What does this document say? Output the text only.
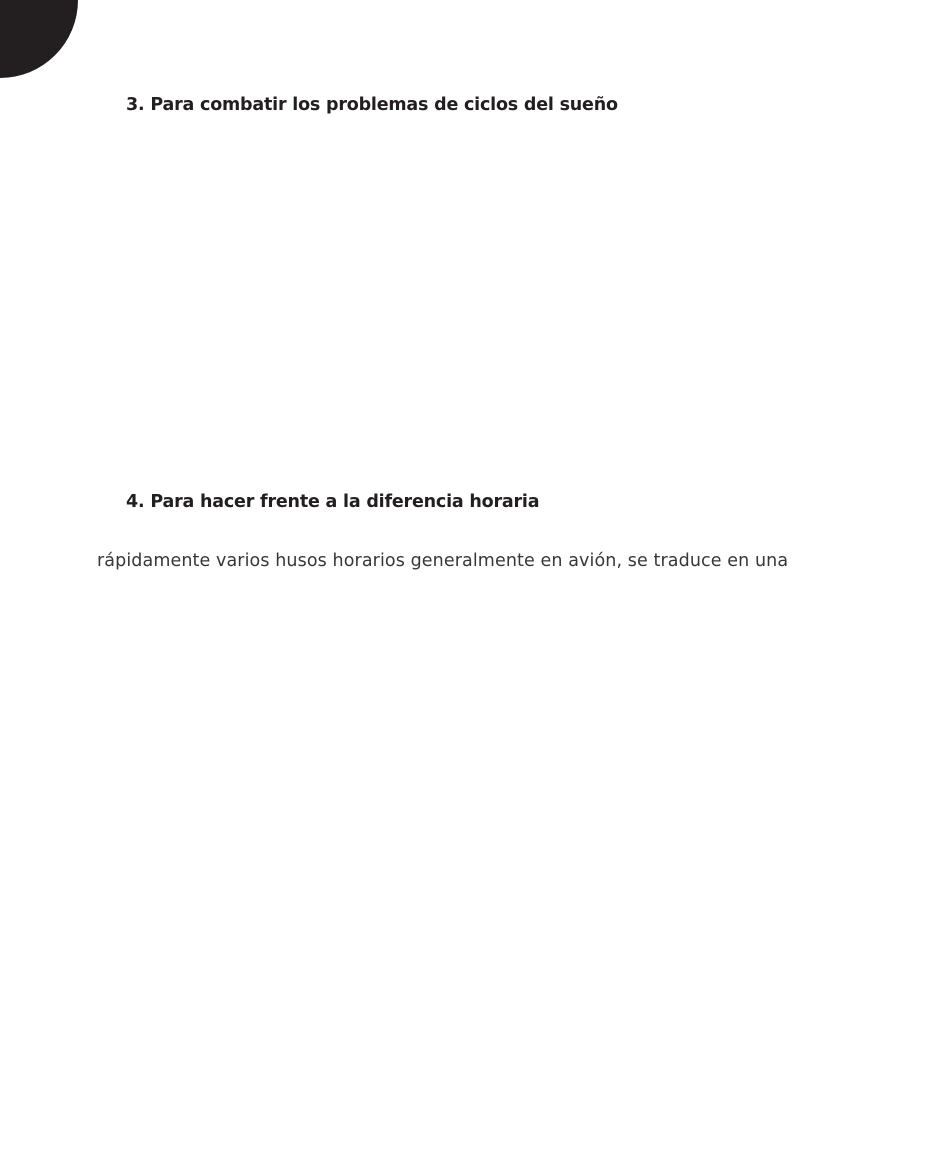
3. Para combatir los problemas de ciclos del sueño
4. Para hacer frente a la diferencia horaria

rápidamente varios husos horarios generalmente en avión, se traduce en una
